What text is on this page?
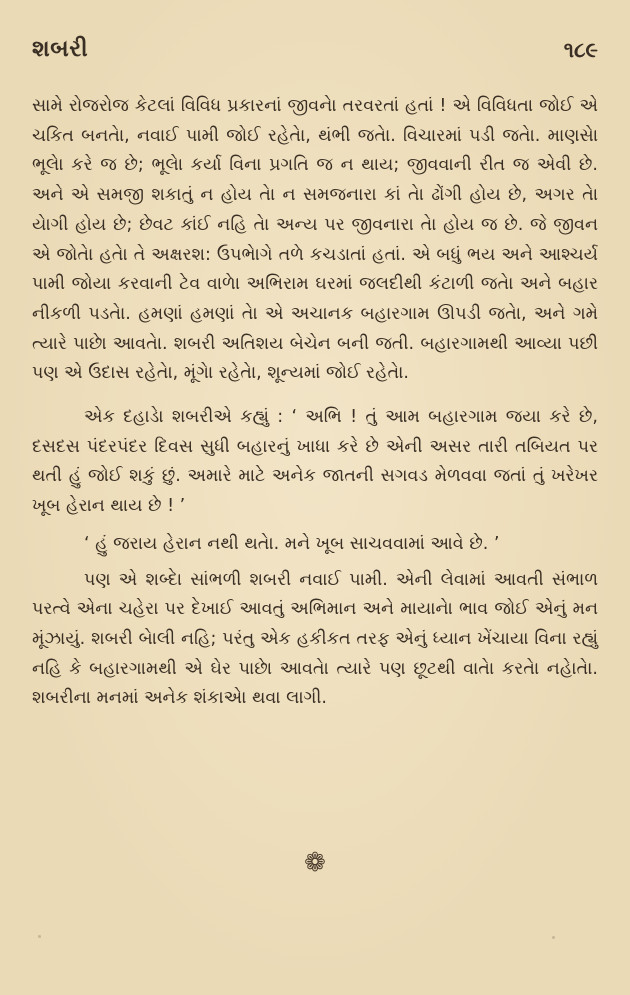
શબરી	૧૮૯

સામે રોજરોજ કેટલાં વિવિધ પ્રકારનાં જીવનેા તરવરતાં હતાં ! એ વિવિધતા જોઈ એ ચકિત બનતેા, નવાઈ પામી જોઈ રહેતેા, થંભી જતેા. વિચારમાં પડી જતેા. માણસેા ભૂલેા કરે જ છે; ભૂલેા કર્યા વિના પ્રગતિ જ ન થાય; જીવવાની રીત જ એવી છે. અને એ સમજી શકાતું ન હોય તેા ન સમજનારા કાં તેા ઢોંગી હોય છે, અગર તેા યેાગી હોય છે; છેવટ કાંઈ નહિ તેા અન્ય પર જીવનારા તેા હોય જ છે. જે જીવન એ જોતેા હતેા તે અક્ષરશ: ઉપભેાગે તળે કચડાતાં હતાં. એ બધું ભય અને આશ્ચર્ય પામી જોયા કરવાની ટેવ વાળેા અભિરામ ઘરમાં જલદીથી કંટાળી જતેા અને બહાર નીકળી પડતેા. હમણાં હમણાં તેા એ અચાનક બહારગામ ઊપડી જતેા, અને ગમે ત્યારે પાછેા આવતેા. શબરી અતિશય બેચેન બની જતી. બહારગામથી આવ્યા પછી પણ એ ઉદાસ રહેતેા, મૂંગેા રહેતેા, શૂન્યમાં જોઈ રહેતેા.

એક દહાડેા શબરીએ કહ્યું : ‘ અભિ ! તું આમ બહારગામ જયા કરે છે, દસદસ પંદરપંદર દિવસ સુધી બહારનું ખાધા કરે છે એની અસર તારી તબિયત પર થતી હું જોઈ શકું છું. અમારે માટે અનેક જાતની સગવડ મેળવવા જતાં તું ખરેખર ખૂબ હેરાન થાય છે ! ’

‘ હું જરાય હેરાન નથી થતેા. મને ખૂબ સાચવવામાં આવે છે. ’

પણ એ શબ્દેા સાંભળી શબરી નવાઈ પામી. એની લેવામાં આવતી સંભાળ પરત્વે એના ચહેરા પર દેખાઈ આવતું અભિમાન અને માયાનેા ભાવ જોઈ એનું મન મૂંઝાયું. શબરી બેાલી નહિ; પરંતુ એક હકીકત તરફ એનું ધ્યાન ખેંચાયા વિના રહ્યું નહિ કે બહારગામથી એ ઘેર પાછેા આવતેા ત્યારે પણ છૂટથી વાતેા કરતેા નહેાતેા. શબરીના મનમાં અનેક શંકાએા થવા લાગી.

❁
